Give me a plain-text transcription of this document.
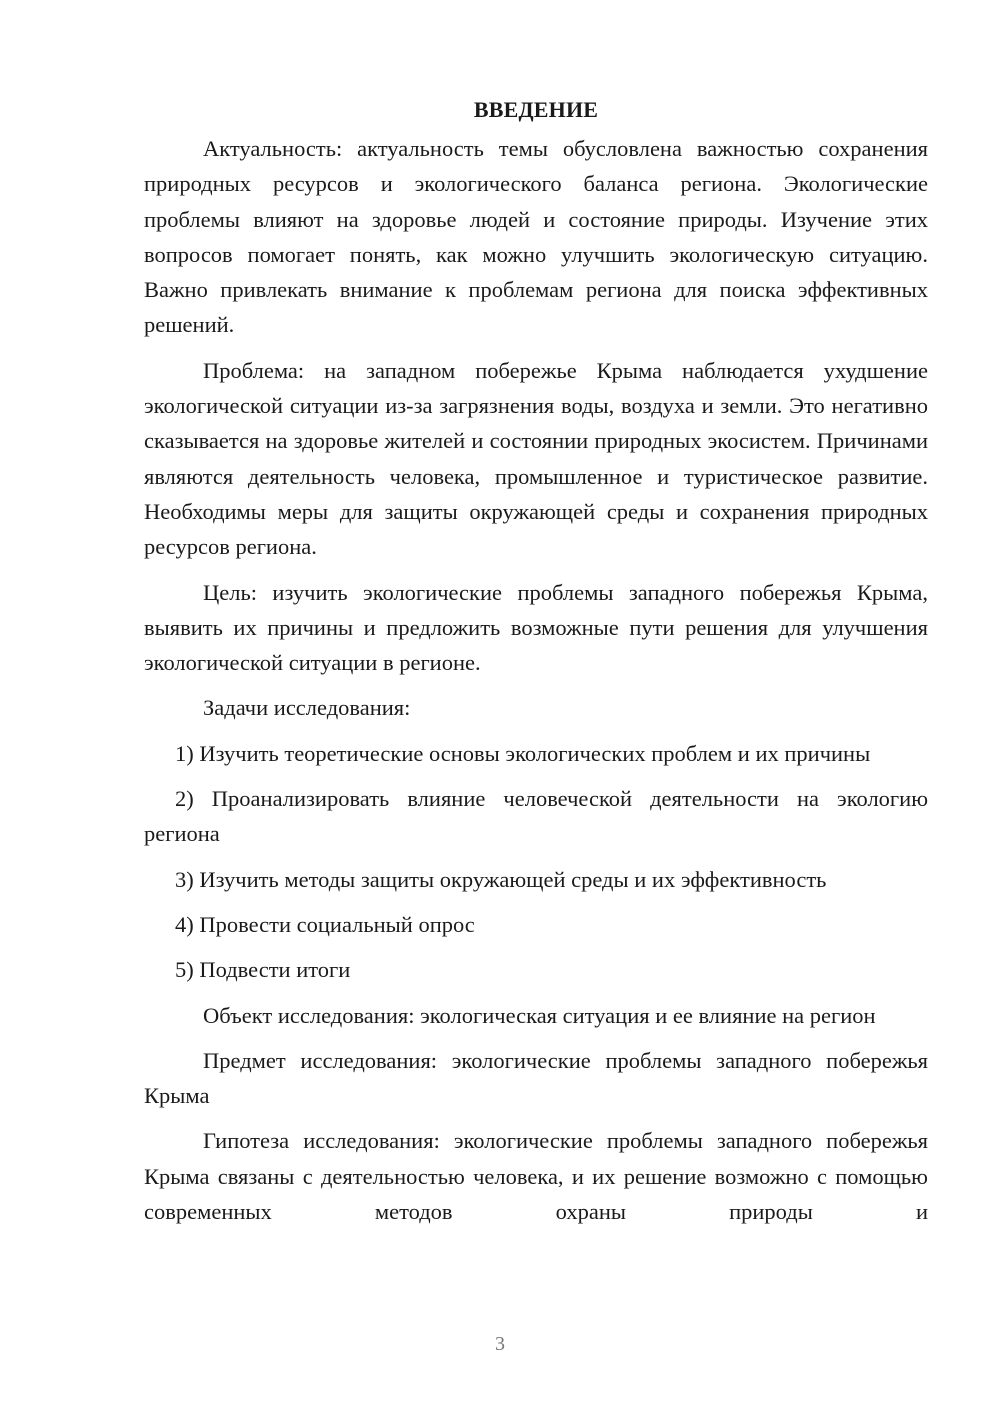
ВВЕДЕНИЕ

Актуальность: актуальность темы обусловлена важностью сохранения природных ресурсов и экологического баланса региона. Экологические проблемы влияют на здоровье людей и состояние природы. Изучение этих вопросов помогает понять, как можно улучшить экологическую ситуацию. Важно привлекать внимание к проблемам региона для поиска эффективных решений.

Проблема: на западном побережье Крыма наблюдается ухудшение экологической ситуации из-за загрязнения воды, воздуха и земли. Это негативно сказывается на здоровье жителей и состоянии природных экосистем. Причинами являются деятельность человека, промышленное и туристическое развитие. Необходимы меры для защиты окружающей среды и сохранения природных ресурсов региона.

Цель: изучить экологические проблемы западного побережья Крыма, выявить их причины и предложить возможные пути решения для улучшения экологической ситуации в регионе.

Задачи исследования:

1) Изучить теоретические основы экологических проблем и их причины

2) Проанализировать влияние человеческой деятельности на экологию региона

3) Изучить методы защиты окружающей среды и их эффективность

4) Провести социальный опрос

5) Подвести итоги

Объект исследования: экологическая ситуация и ее влияние на регион

Предмет исследования: экологические проблемы западного побережья Крыма

Гипотеза исследования: экологические проблемы западного побережья Крыма связаны с деятельностью человека, и их решение возможно с помощью современных методов охраны природы и

3
